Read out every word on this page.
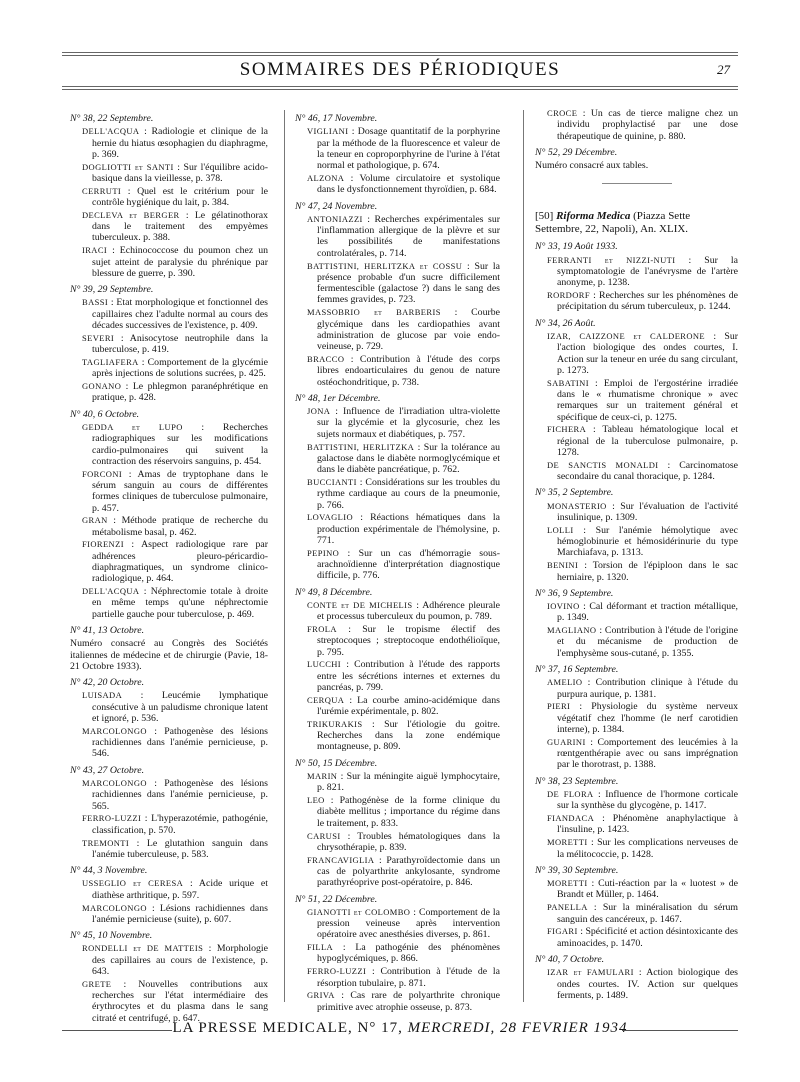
SOMMAIRES DES PÉRIODIQUES	27
N° 38, 22 Septembre.
DELL'ACQUA : Radiologie et clinique de la hernie du hiatus œsophagien du diaphragme, p. 369.
DOGLIOTTI et SANTI : Sur l'équilibre acido-basique dans la vieillesse, p. 378.
CERRUTI : Quel est le critérium pour le contrôle hygiénique du lait, p. 384.
DECLEVA et BERGER : Le gélatinothorax dans le traitement des empyèmes tuberculeux. p. 388.
IRACI : Echinococcose du poumon chez un sujet atteint de paralysie du phrénique par blessure de guerre, p. 390.
N° 39, 29 Septembre.
BASSI : Etat morphologique et fonctionnel des capillaires chez l'adulte normal au cours des décades successives de l'existence, p. 409.
SEVERI : Anisocytose neutrophile dans la tuberculose, p. 419.
TAGLIAFERA : Comportement de la glycémie après injections de solutions sucrées, p. 425.
GONANO : Le phlegmon paranéphrétique en pratique, p. 428.
N° 40, 6 Octobre.
GEDDA et LUPO : Recherches radiographiques sur les modifications cardio-pulmonaires qui suivent la contraction des réservoirs sanguins, p. 454.
FORCONI : Amas de tryptophane dans le sérum sanguin au cours de différentes formes cliniques de tuberculose pulmonaire, p. 457.
GRAN : Méthode pratique de recherche du métabolisme basal, p. 462.
FIORENZI : Aspect radiologique rare par adhérences pleuro-péricardio-diaphragmatiques, un syndrome clinico-radiologique, p. 464.
DELL'ACQUA : Néphrectomie totale à droite en même temps qu'une néphrectomie partielle gauche pour tuberculose, p. 469.
N° 41, 13 Octobre.
Numéro consacré au Congrès des Sociétés italiennes de médecine et de chirurgie (Pavie, 18-21 Octobre 1933).
N° 42, 20 Octobre.
LUISADA : Leucémie lymphatique consécutive à un paludisme chronique latent et ignoré, p. 536.
MARCOLONGO : Pathogenèse des lésions rachidiennes dans l'anémie pernicieuse, p. 546.
N° 43, 27 Octobre.
MARCOLONGO : Pathogenèse des lésions rachidiennes dans l'anémie pernicieuse, p. 565.
FERRO-LUZZI : L'hyperazotémie, pathogénie, classification, p. 570.
TREMONTI : Le glutathion sanguin dans l'anémie tuberculeuse, p. 583.
N° 44, 3 Novembre.
USSEGLIO et CERESA : Acide urique et diathèse arthritique, p. 597.
MARCOLONGO : Lésions rachidiennes dans l'anémie pernicieuse (suite), p. 607.
N° 45, 10 Novembre.
RONDELLI et DE MATTEIS : Morphologie des capillaires au cours de l'existence, p. 643.
GRETE : Nouvelles contributions aux recherches sur l'état intermédiaire des érythrocytes et du plasma dans le sang citraté et centrifugé, p. 647.
N° 46, 17 Novembre.
VIGLIANI : Dosage quantitatif de la porphyrine par la méthode de la fluorescence et valeur de la teneur en coproporphyrine de l'urine à l'état normal et pathologique, p. 674.
ALZONA : Volume circulatoire et systolique dans le dysfonctionnement thyroïdien, p. 684.
N° 47, 24 Novembre.
ANTONIAZZI : Recherches expérimentales sur l'inflammation allergique de la plèvre et sur les possibilités de manifestations controlatérales, p. 714.
BATTISTINI, HERLITZKA et COSSU : Sur la présence probable d'un sucre difficilement fermentescible (galactose ?) dans le sang des femmes gravides, p. 723.
MASSOBRIO et BARBERIS : Courbe glycémique dans les cardiopathies avant administration de glucose par voie endo-veineuse, p. 729.
BRACCO : Contribution à l'étude des corps libres endoarticulaires du genou de nature ostéochondritique, p. 738.
N° 48, 1er Décembre.
JONA : Influence de l'irradiation ultra-violette sur la glycémie et la glycosurie, chez les sujets normaux et diabétiques, p. 757.
BATTISTINI, HERLITZKA : Sur la tolérance au galactose dans le diabète normoglycémique et dans le diabète pancréatique, p. 762.
BUCCIANTI : Considérations sur les troubles du rythme cardiaque au cours de la pneumonie, p. 766.
LOVAGLIO : Réactions hématiques dans la production expérimentale de l'hémolysine, p. 771.
PEPINO : Sur un cas d'hémorragie sous-arachnoïdienne d'interprétation diagnostique difficile, p. 776.
N° 49, 8 Décembre.
CONTE et DE MICHELIS : Adhérence pleurale et processus tuberculeux du poumon, p. 789.
FROLA : Sur le tropisme électif des streptocoques ; streptocoque endothélioïque, p. 795.
LUCCHI : Contribution à l'étude des rapports entre les sécrétions internes et externes du pancréas, p. 799.
CERQUA : La courbe amino-acidémique dans l'urémie expérimentale, p. 802.
TRIKURAKIS : Sur l'étiologie du goitre. Recherches dans la zone endémique montagneuse, p. 809.
N° 50, 15 Décembre.
MARIN : Sur la méningite aiguë lymphocytaire, p. 821.
LEO : Pathogénèse de la forme clinique du diabète mellitus ; importance du régime dans le traitement, p. 833.
CARUSI : Troubles hématologiques dans la chrysothérapie, p. 839.
FRANCAVIGLIA : Parathyroïdectomie dans un cas de polyarthrite ankylosante, syndrome parathyréoprive post-opératoire, p. 846.
N° 51, 22 Décembre.
GIANOTTI et COLOMBO : Comportement de la pression veineuse après intervention opératoire avec anesthésies diverses, p. 861.
FILLA : La pathogénie des phénomènes hypoglycémiques, p. 866.
FERRO-LUZZI : Contribution à l'étude de la résorption tubulaire, p. 871.
GRIVA : Cas rare de polyarthrite chronique primitive avec atrophie osseuse, p. 873.
CROCE : Un cas de tierce maligne chez un individu prophylactisé par une dose thérapeutique de quinine, p. 880.
N° 52, 29 Décembre.
Numéro consacré aux tables.
[50] Riforma Medica (Piazza Sette Settembre, 22, Napoli), An. XLIX.
N° 33, 19 Août 1933.
FERRANTI et NIZZI-NUTI : Sur la symptomatologie de l'anévrysme de l'artère anonyme, p. 1238.
RORDORF : Recherches sur les phénomènes de précipitation du sérum tuberculeux, p. 1244.
N° 34, 26 Août.
IZAR, CAIZZONE et CALDERONE : Sur l'action biologique des ondes courtes, I. Action sur la teneur en urée du sang circulant, p. 1273.
SABATINI : Emploi de l'ergostérine irradiée dans le « rhumatisme chronique » avec remarques sur un traitement général et spécifique de ceux-ci, p. 1275.
FICHERA : Tableau hématologique local et régional de la tuberculose pulmonaire, p. 1278.
DE SANCTIS MONALDI : Carcinomatose secondaire du canal thoracique, p. 1284.
N° 35, 2 Septembre.
MONASTERIO : Sur l'évaluation de l'activité insulinique, p. 1309.
LOLLI : Sur l'anémie hémolytique avec hémoglobinurie et hémosidérinurie du type Marchiafava, p. 1313.
BENINI : Torsion de l'épiploon dans le sac herniaire, p. 1320.
N° 36, 9 Septembre.
IOVINO : Cal déformant et traction métallique, p. 1349.
MAGLIANO : Contribution à l'étude de l'origine et du mécanisme de production de l'emphysème sous-cutané, p. 1355.
N° 37, 16 Septembre.
AMELIO : Contribution clinique à l'étude du purpura aurique, p. 1381.
PIERI : Physiologie du système nerveux végétatif chez l'homme (le nerf carotidien interne), p. 1384.
GUARINI : Comportement des leucémies à la rœntgenthérapie avec ou sans imprégnation par le thorotrast, p. 1388.
N° 38, 23 Septembre.
DE FLORA : Influence de l'hormone corticale sur la synthèse du glycogène, p. 1417.
FIANDACA : Phénomène anaphylactique à l'insuline, p. 1423.
MORETTI : Sur les complications nerveuses de la mélitococcie, p. 1428.
N° 39, 30 Septembre.
MORETTI : Cuti-réaction par la « luotest » de Brandt et Müller, p. 1464.
PANELLA : Sur la minéralisation du sérum sanguin des cancéreux, p. 1467.
FIGARI : Spécificité et action désintoxicante des aminoacides, p. 1470.
N° 40, 7 Octobre.
IZAR et FAMULARI : Action biologique des ondes courtes. IV. Action sur quelques ferments, p. 1489.
LA PRESSE MEDICALE, N° 17, MERCREDI, 28 FEVRIER 1934
